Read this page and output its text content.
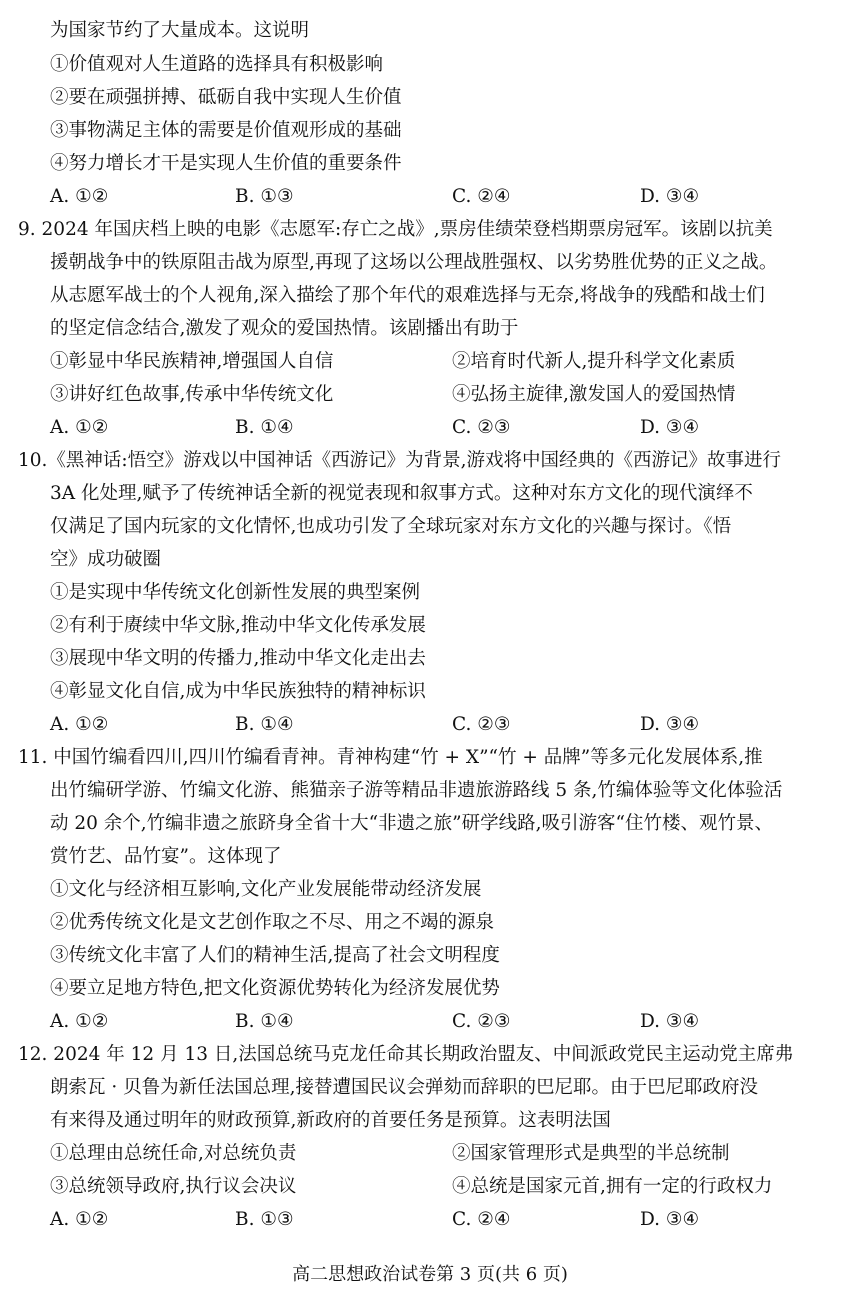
为国家节约了大量成本。这说明
①价值观对人生道路的选择具有积极影响
②要在顽强拼搏、砥砺自我中实现人生价值
③事物满足主体的需要是价值观形成的基础
④努力增长才干是实现人生价值的重要条件
A. ①②	B. ①③	C. ②④	D. ③④
9. 2024 年国庆档上映的电影《志愿军:存亡之战》,票房佳绩荣登档期票房冠军。该剧以抗美
援朝战争中的铁原阻击战为原型,再现了这场以公理战胜强权、以劣势胜优势的正义之战。
从志愿军战士的个人视角,深入描绘了那个年代的艰难选择与无奈,将战争的残酷和战士们
的坚定信念结合,激发了观众的爱国热情。该剧播出有助于
①彰显中华民族精神,增强国人自信	②培育时代新人,提升科学文化素质
③讲好红色故事,传承中华传统文化	④弘扬主旋律,激发国人的爱国热情
A. ①②	B. ①④	C. ②③	D. ③④
10.《黑神话:悟空》游戏以中国神话《西游记》为背景,游戏将中国经典的《西游记》故事进行
3A 化处理,赋予了传统神话全新的视觉表现和叙事方式。这种对东方文化的现代演绎不
仅满足了国内玩家的文化情怀,也成功引发了全球玩家对东方文化的兴趣与探讨。《悟
空》成功破圈
①是实现中华传统文化创新性发展的典型案例
②有利于赓续中华文脉,推动中华文化传承发展
③展现中华文明的传播力,推动中华文化走出去
④彰显文化自信,成为中华民族独特的精神标识
A. ①②	B. ①④	C. ②③	D. ③④
11. 中国竹编看四川,四川竹编看青神。青神构建“竹 + X”“竹 + 品牌”等多元化发展体系,推
出竹编研学游、竹编文化游、熊猫亲子游等精品非遗旅游路线 5 条,竹编体验等文化体验活
动 20 余个,竹编非遗之旅跻身全省十大“非遗之旅”研学线路,吸引游客“住竹楼、观竹景、
赏竹艺、品竹宴”。这体现了
①文化与经济相互影响,文化产业发展能带动经济发展
②优秀传统文化是文艺创作取之不尽、用之不竭的源泉
③传统文化丰富了人们的精神生活,提高了社会文明程度
④要立足地方特色,把文化资源优势转化为经济发展优势
A. ①②	B. ①④	C. ②③	D. ③④
12. 2024 年 12 月 13 日,法国总统马克龙任命其长期政治盟友、中间派政党民主运动党主席弗
朗索瓦 · 贝鲁为新任法国总理,接替遭国民议会弹劾而辞职的巴尼耶。由于巴尼耶政府没
有来得及通过明年的财政预算,新政府的首要任务是预算。这表明法国
①总理由总统任命,对总统负责	②国家管理形式是典型的半总统制
③总统领导政府,执行议会决议	④总统是国家元首,拥有一定的行政权力
A. ①②	B. ①③	C. ②④	D. ③④
高二思想政治试卷第 3 页(共 6 页)
